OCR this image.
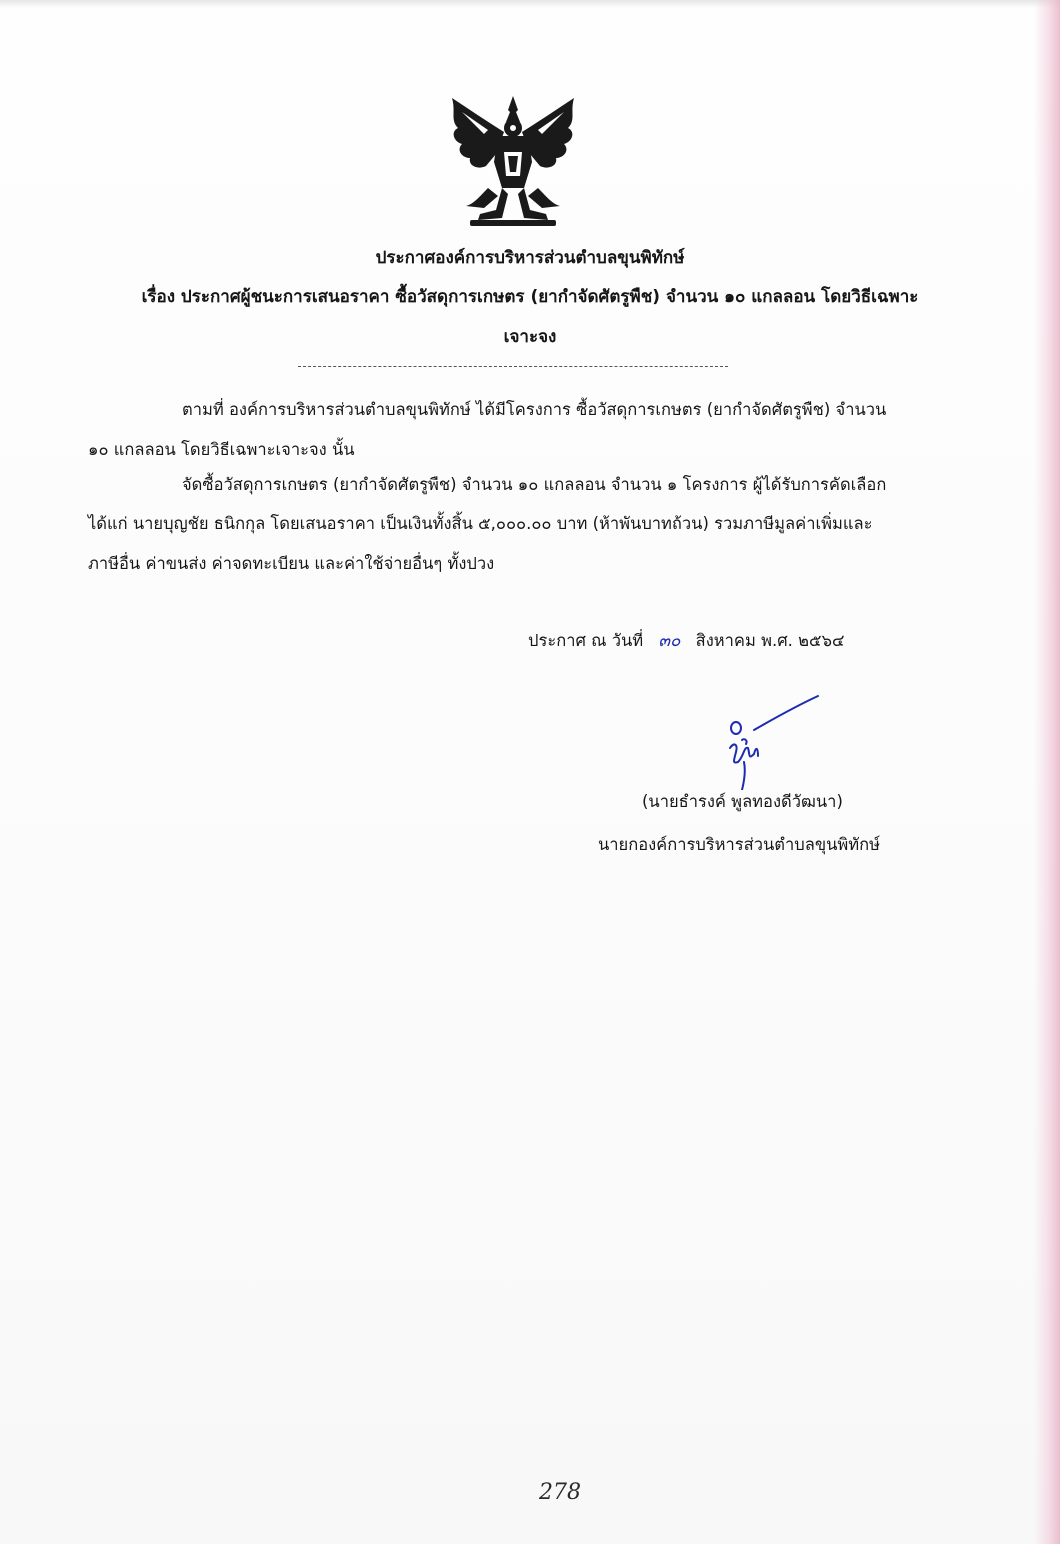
ประกาศองค์การบริหารส่วนตำบลขุนพิทักษ์
เรื่อง ประกาศผู้ชนะการเสนอราคา ซื้อวัสดุการเกษตร (ยากำจัดศัตรูพืช) จำนวน ๑๐ แกลลอน โดยวิธีเฉพาะ
เจาะจง
ตามที่ องค์การบริหารส่วนตำบลขุนพิทักษ์ ได้มีโครงการ ซื้อวัสดุการเกษตร (ยากำจัดศัตรูพืช) จำนวน
๑๐ แกลลอน โดยวิธีเฉพาะเจาะจง นั้น
จัดซื้อวัสดุการเกษตร (ยากำจัดศัตรูพืช) จำนวน ๑๐ แกลลอน จำนวน ๑ โครงการ ผู้ได้รับการคัดเลือก
ได้แก่ นายบุญชัย ธนิกกุล โดยเสนอราคา เป็นเงินทั้งสิ้น ๕,๐๐๐.๐๐ บาท (ห้าพันบาทถ้วน) รวมภาษีมูลค่าเพิ่มและ
ภาษีอื่น ค่าขนส่ง ค่าจดทะเบียน และค่าใช้จ่ายอื่นๆ ทั้งปวง
ประกาศ ณ วันที่ ๓๐ สิงหาคม พ.ศ. ๒๕๖๔
(นายธำรงค์ พูลทองดีวัฒนา)
นายกองค์การบริหารส่วนตำบลขุนพิทักษ์
278
